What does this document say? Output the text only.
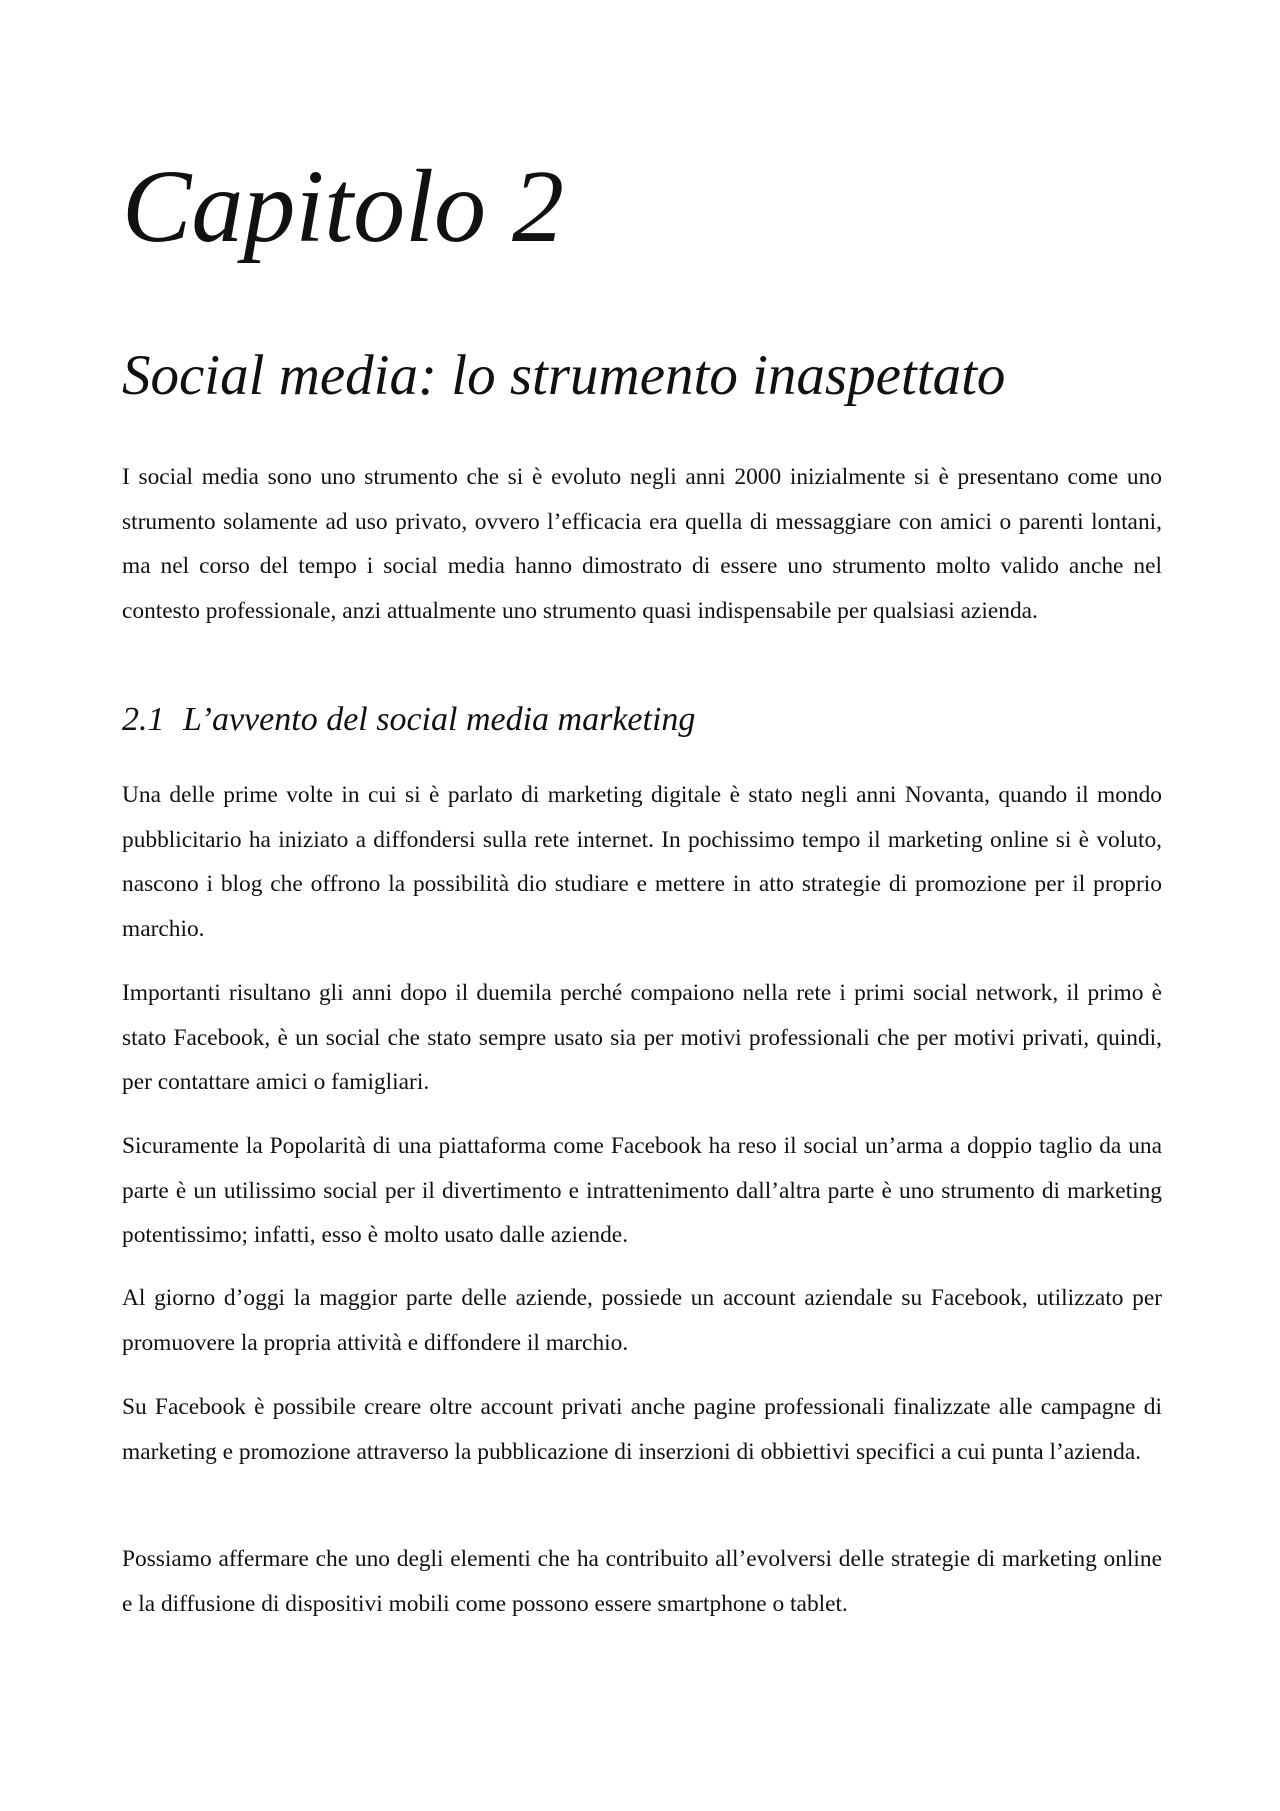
Capitolo 2
Social media: lo strumento inaspettato

I social media sono uno strumento che si è evoluto negli anni 2000 inizialmente si è presentano come uno strumento solamente ad uso privato, ovvero l’efficacia era quella di messaggiare con amici o parenti lontani, ma nel corso del tempo i social media hanno dimostrato di essere uno strumento molto valido anche nel contesto professionale, anzi attualmente uno strumento quasi indispensabile per qualsiasi azienda.

2.1 L’avvento del social media marketing

Una delle prime volte in cui si è parlato di marketing digitale è stato negli anni Novanta, quando il mondo pubblicitario ha iniziato a diffondersi sulla rete internet. In pochissimo tempo il marketing online si è voluto, nascono i blog che offrono la possibilità dio studiare e mettere in atto strategie di promozione per il proprio marchio.

Importanti risultano gli anni dopo il duemila perché compaiono nella rete i primi social network, il primo è stato Facebook, è un social che stato sempre usato sia per motivi professionali che per motivi privati, quindi, per contattare amici o famigliari.

Sicuramente la Popolarità di una piattaforma come Facebook ha reso il social un’arma a doppio taglio da una parte è un utilissimo social per il divertimento e intrattenimento dall’altra parte è uno strumento di marketing potentissimo; infatti, esso è molto usato dalle aziende.

Al giorno d’oggi la maggior parte delle aziende, possiede un account aziendale su Facebook, utilizzato per promuovere la propria attività e diffondere il marchio.

Su Facebook è possibile creare oltre account privati anche pagine professionali finalizzate alle campagne di marketing e promozione attraverso la pubblicazione di inserzioni di obbiettivi specifici a cui punta l’azienda.

Possiamo affermare che uno degli elementi che ha contribuito all’evolversi delle strategie di marketing online e la diffusione di dispositivi mobili come possono essere smartphone o tablet.
